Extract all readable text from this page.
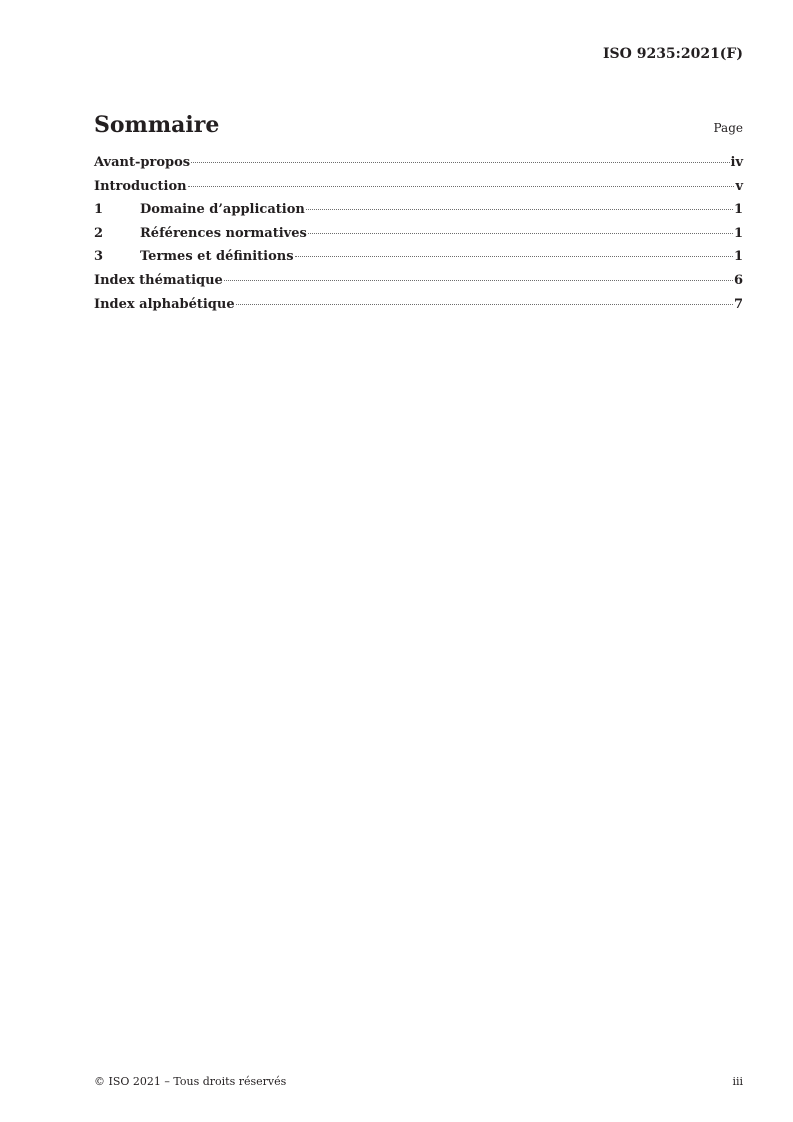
ISO 9235:2021(F)
Sommaire	Page
Avant-propos	iv
Introduction	v
1	Domaine d’application	1
2	Références normatives	1
3	Termes et définitions	1
Index thématique	6
Index alphabétique	7
© ISO 2021 – Tous droits réservés	iii
